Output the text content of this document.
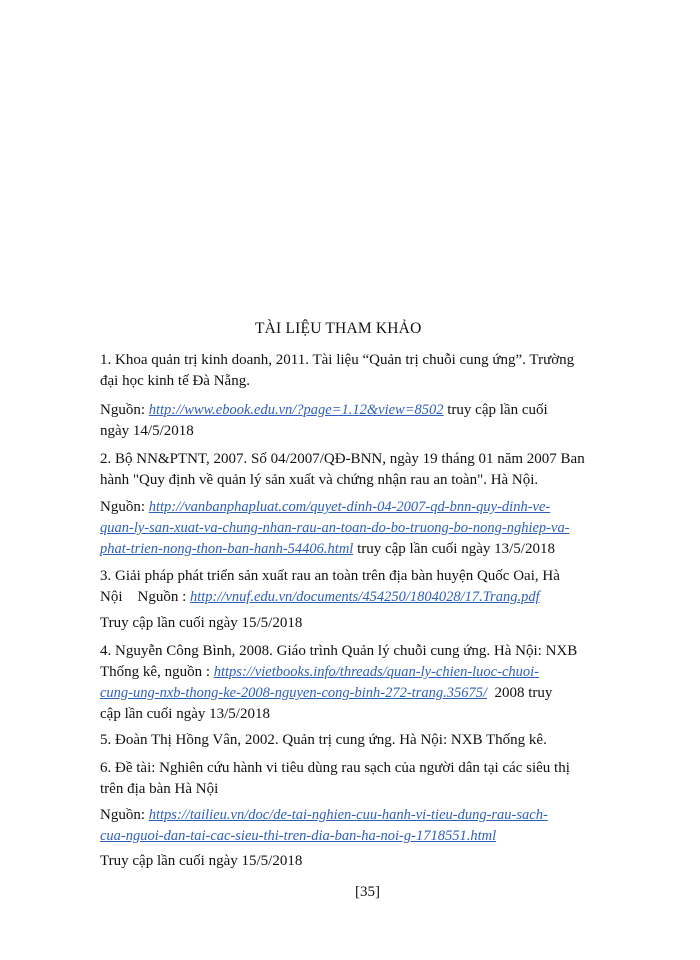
TÀI LIỆU THAM KHẢO
1. Khoa quản trị kinh doanh, 2011. Tài liệu “Quản trị chuỗi cung ứng”. Trường
đại học kinh tế Đà Nẵng.
Nguồn: http://www.ebook.edu.vn/?page=1.12&view=8502 truy cập lần cuối
ngày 14/5/2018
2. Bộ NN&PTNT, 2007. Số 04/2007/QĐ-BNN, ngày 19 tháng 01 năm 2007 Ban
hành "Quy định về quản lý sản xuất và chứng nhận rau an toàn". Hà Nội.
Nguồn: http://vanbanphapluat.com/quyet-dinh-04-2007-qd-bnn-quy-dinh-ve-
quan-ly-san-xuat-va-chung-nhan-rau-an-toan-do-bo-truong-bo-nong-nghiep-va-
phat-trien-nong-thon-ban-hanh-54406.html truy cập lần cuối ngày 13/5/2018
3. Giải pháp phát triển sản xuất rau an toàn trên địa bàn huyện Quốc Oai, Hà
Nội Nguồn : http://vnuf.edu.vn/documents/454250/1804028/17.Trang.pdf
Truy cập lần cuối ngày 15/5/2018
4. Nguyễn Công Bình, 2008. Giáo trình Quản lý chuỗi cung ứng. Hà Nội: NXB
Thống kê, nguồn : https://vietbooks.info/threads/quan-ly-chien-luoc-chuoi-
cung-ung-nxb-thong-ke-2008-nguyen-cong-binh-272-trang.35675/ 2008 truy
cập lần cuối ngày 13/5/2018
5. Đoàn Thị Hồng Vân, 2002. Quản trị cung ứng. Hà Nội: NXB Thống kê.
6. Đề tài: Nghiên cứu hành vi tiêu dùng rau sạch của người dân tại các siêu thị
trên địa bàn Hà Nội
Nguồn: https://tailieu.vn/doc/de-tai-nghien-cuu-hanh-vi-tieu-dung-rau-sach-
cua-nguoi-dan-tai-cac-sieu-thi-tren-dia-ban-ha-noi-g-1718551.html
Truy cập lần cuối ngày 15/5/2018
[35]
